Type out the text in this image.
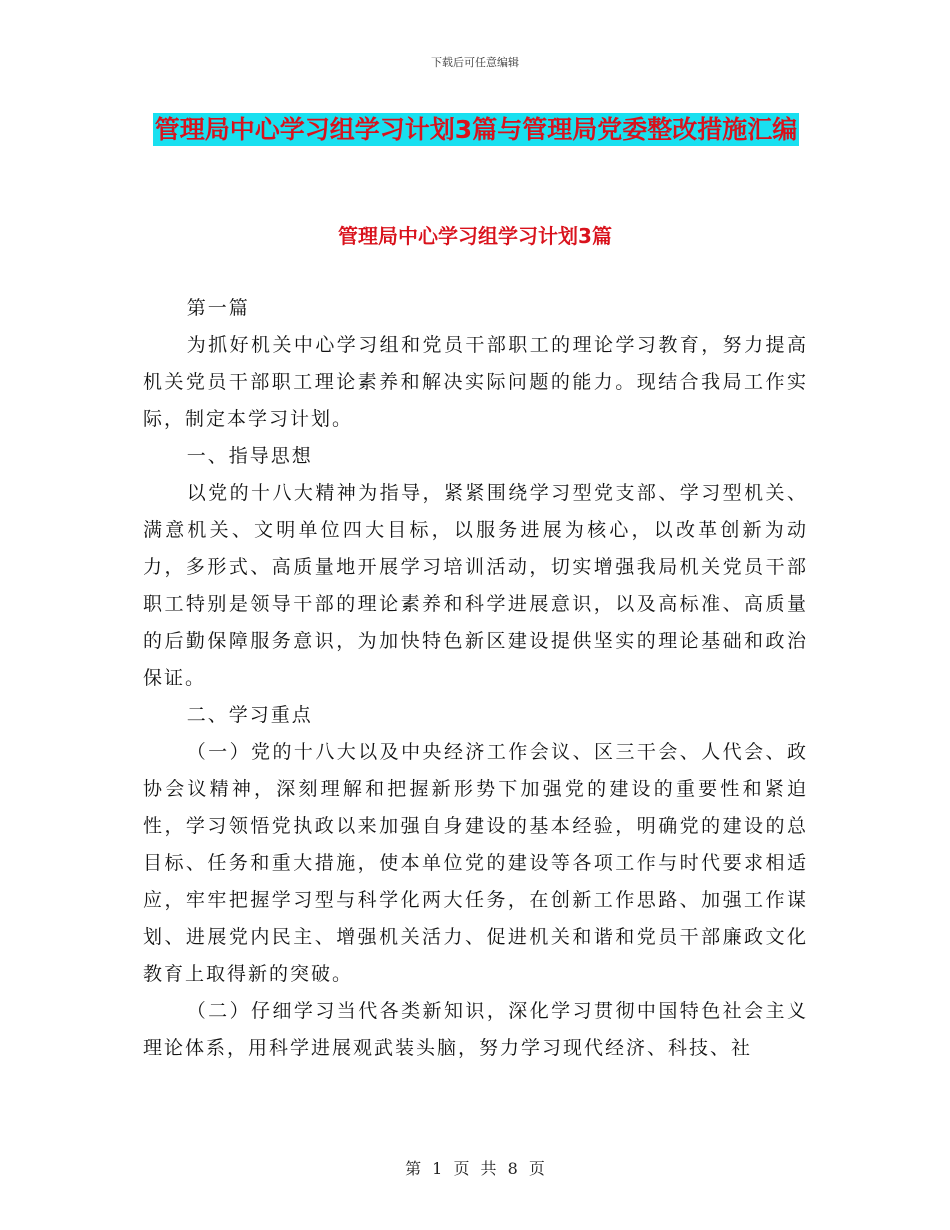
下载后可任意编辑
管理局中心学习组学习计划3篇与管理局党委整改措施汇编
管理局中心学习组学习计划3篇

第一篇

为抓好机关中心学习组和党员干部职工的理论学习教育，努力提高机关党员干部职工理论素养和解决实际问题的能力。现结合我局工作实际，制定本学习计划。

一、指导思想

以党的十八大精神为指导，紧紧围绕学习型党支部、学习型机关、满意机关、文明单位四大目标，以服务进展为核心，以改革创新为动力，多形式、高质量地开展学习培训活动，切实增强我局机关党员干部职工特别是领导干部的理论素养和科学进展意识，以及高标准、高质量的后勤保障服务意识，为加快特色新区建设提供坚实的理论基础和政治保证。

二、学习重点

（一）党的十八大以及中央经济工作会议、区三干会、人代会、政协会议精神，深刻理解和把握新形势下加强党的建设的重要性和紧迫性，学习领悟党执政以来加强自身建设的基本经验，明确党的建设的总目标、任务和重大措施，使本单位党的建设等各项工作与时代要求相适应，牢牢把握学习型与科学化两大任务，在创新工作思路、加强工作谋划、进展党内民主、增强机关活力、促进机关和谐和党员干部廉政文化教育上取得新的突破。

（二）仔细学习当代各类新知识，深化学习贯彻中国特色社会主义理论体系，用科学进展观武装头脑，努力学习现代经济、科技、社

第 1 页 共 8 页
